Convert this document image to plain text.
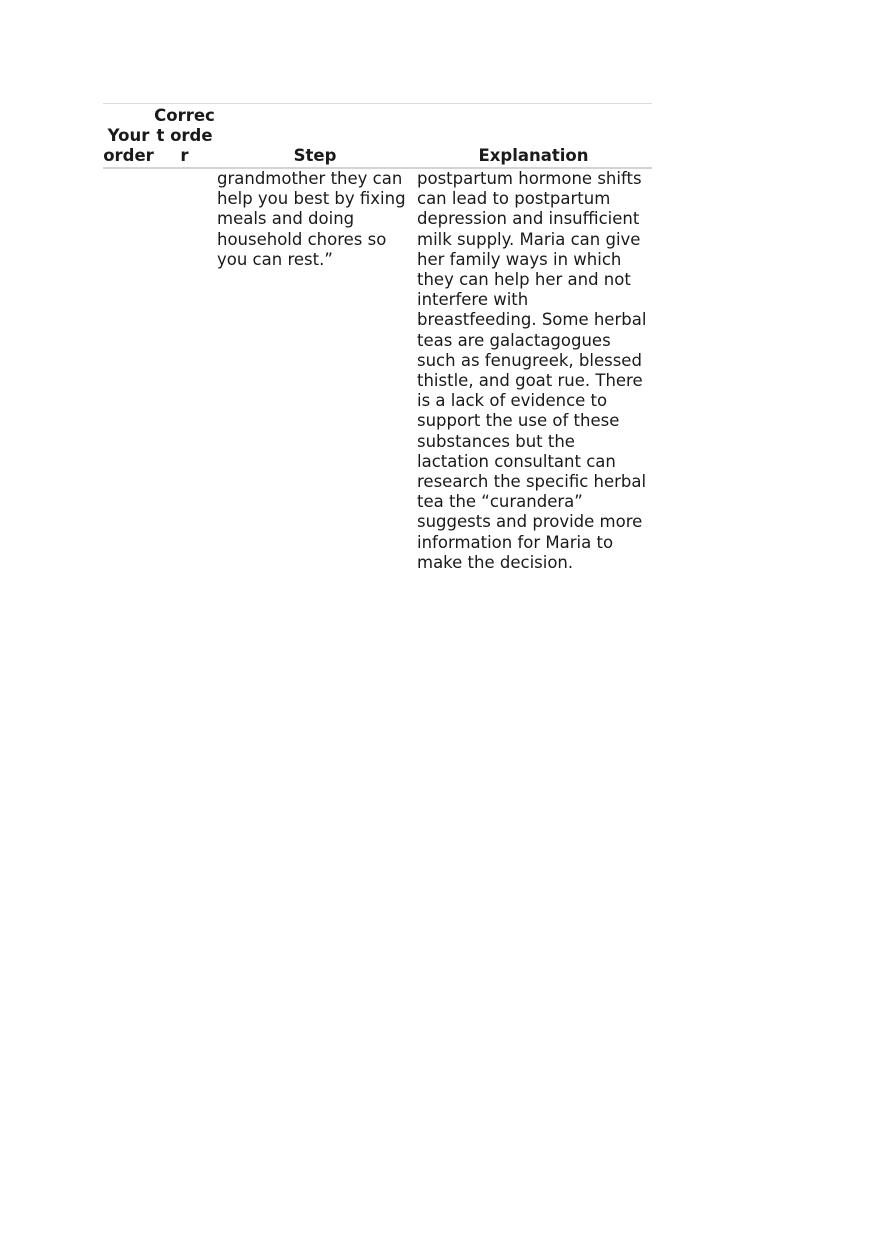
Your order	Correct order	Step	Explanation

		grandmother they can help you best by fixing meals and doing household chores so you can rest.”	postpartum hormone shifts can lead to postpartum depression and insufficient milk supply. Maria can give her family ways in which they can help her and not interfere with breastfeeding. Some herbal teas are galactagogues such as fenugreek, blessed thistle, and goat rue. There is a lack of evidence to support the use of these substances but the lactation consultant can research the specific herbal tea the “curandera” suggests and provide more information for Maria to make the decision.
